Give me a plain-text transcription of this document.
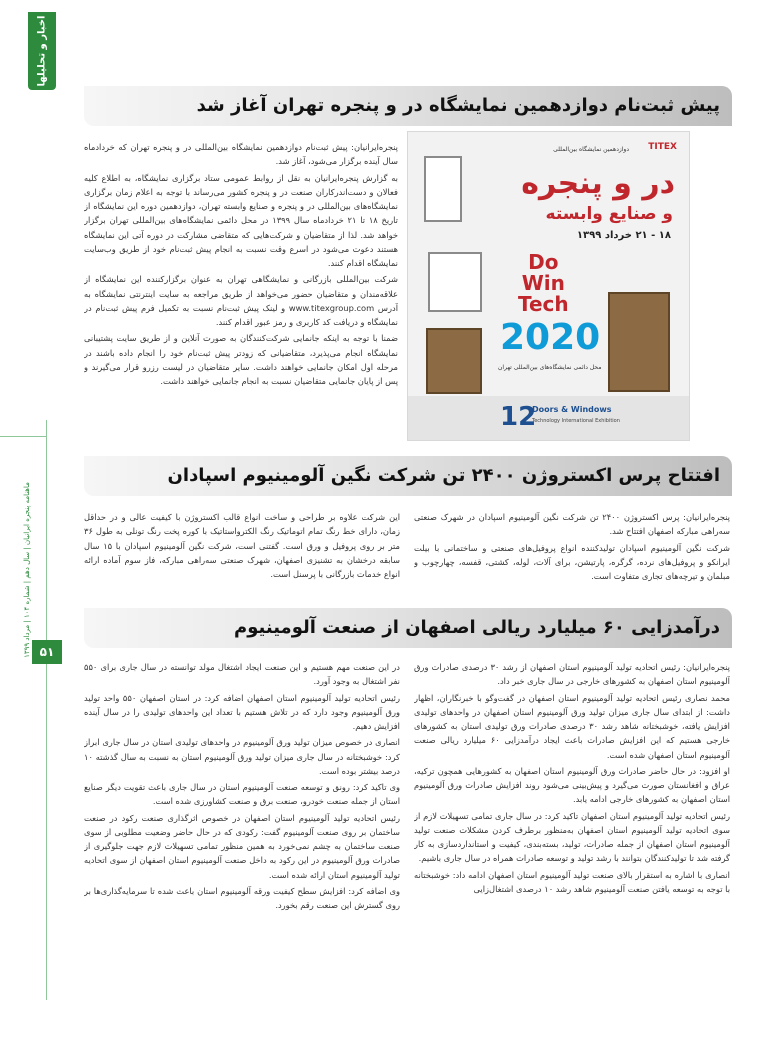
اخبار و تحلیلها
ماهنامه پنجره ایرانیان | سال دهم | شماره ۱۰۴ | مرداد ۱۳۹۹
۵۱
پیش ثبت‌نام دوازدهمین نمایشگاه در و پنجره تهران آغاز شد
TITEX
دوازدهمین نمایشگاه بین‌المللی
در و پنجره
و صنایع وابسته
۱۸ - ۲۱ خرداد ۱۳۹۹
Do
Win
Tech
2020
محل دائمی نمایشگاه‌های بین‌المللی تهران
12
Doors & Windows
Technology International Exhibition

پنجره‌ایرانیان: پیش ثبت‌نام دوازدهمین نمایشگاه بین‌المللی در و پنجره تهران که خردادماه سال آینده برگزار می‌شود، آغاز شد.

به گزارش پنجره‌ایرانیان به نقل از روابط عمومی ستاد برگزاری نمایشگاه، به اطلاع کلیه فعالان و دست‌اندرکاران صنعت در و پنجره کشور می‌رساند با توجه به اعلام زمان برگزاری نمایشگاه‌های بین‌المللی در و پنجره و صنایع وابسته تهران، دوازدهمین دوره این نمایشگاه از تاریخ ۱۸ تا ۲۱ خردادماه سال ۱۳۹۹ در محل دائمی نمایشگاه‌های بین‌المللی تهران برگزار خواهد شد. لذا از متقاضیان و شرکت‌هایی که متقاضی مشارکت در دوره آتی این نمایشگاه هستند دعوت می‌شود در اسرع وقت نسبت به انجام پیش ثبت‌نام خود از طریق وب‌سایت نمایشگاه اقدام کنند.

شرکت بین‌المللی بازرگانی و نمایشگاهی تهران به عنوان برگزارکننده این نمایشگاه از علاقه‌مندان و متقاضیان حضور می‌خواهد از طریق مراجعه به سایت اینترنتی نمایشگاه به آدرس www.titexgroup.com و لینک پیش ثبت‌نام نسبت به تکمیل فرم پیش ثبت‌نام در نمایشگاه و دریافت کد کاربری و رمز عبور اقدام کنند.

ضمنا با توجه به اینکه جانمایی شرکت‌کنندگان به صورت آنلاین و از طریق سایت پشتیبانی نمایشگاه انجام می‌پذیرد، متقاضیانی که زودتر پیش ثبت‌نام خود را انجام داده باشند در مرحله اول امکان جانمایی خواهند داشت. سایر متقاضیان در لیست رزرو قرار می‌گیرند و پس از پایان جانمایی متقاضیان نسبت به انجام جانمایی خواهند داشت.

افتتاح پرس اکستروژن ۲۴۰۰ تن شرکت نگین آلومینیوم اسپادان

پنجره‌ایرانیان: پرس اکستروژن ۲۴۰۰ تن شرکت نگین آلومینیوم اسپادان در شهرک صنعتی سه‌راهی مبارکه اصفهان افتتاح شد.

شرکت نگین آلومینیوم اسپادان تولیدکننده انواع پروفیل‌های صنعتی و ساختمانی با بیلت ایرانکو و پروفیل‌های نرده، گرگره، پارتیشن، برای آلات، لوله، کشتی، قفسه، چهارچوب و مبلمان و تیرچه‌های تجاری متفاوت است.

این شرکت علاوه بر طراحی و ساخت انواع قالب اکستروژن با کیفیت عالی و در حداقل زمان، دارای خط رنگ تمام اتوماتیک رنگ الکترواستاتیک با کوره پخت رنگ تونلی به طول ۳۶ متر بر روی پروفیل و ورق است. گفتنی است، شرکت نگین آلومینیوم اسپادان با ۱۵ سال سابقه درخشان به تشنیزی اصفهان، شهرک صنعتی سه‌راهی مبارکه، فاز سوم آماده ارائه انواع خدمات بازرگانی با پرسنل است.

درآمدزایی ۶۰ میلیارد ریالی اصفهان از صنعت آلومینیوم

پنجره‌ایرانیان: رئیس اتحادیه تولید آلومینیوم استان اصفهان از رشد ۳۰ درصدی صادرات ورق آلومینیوم استان اصفهان به کشورهای خارجی در سال جاری خبر داد.

محمد نصاری رئیس اتحادیه تولید آلومینیوم استان اصفهان در گفت‌وگو با خبرنگاران، اظهار داشت: از ابتدای سال جاری میزان تولید ورق آلومینیوم استان اصفهان در واحدهای تولیدی افزایش یافته، خوشبختانه شاهد رشد ۳۰ درصدی صادرات ورق تولیدی استان به کشورهای خارجی هستیم که این افزایش صادرات باعث ایجاد درآمدزایی ۶۰ میلیارد ریالی صنعت آلومینیوم استان اصفهان شده است.

او افزود: در حال حاضر صادرات ورق آلومینیوم استان اصفهان به کشورهایی همچون ترکیه، عراق و افغانستان صورت می‌گیرد و پیش‌بینی می‌شود روند افزایش صادرات ورق آلومینیوم استان اصفهان به کشورهای خارجی ادامه یابد.

رئیس اتحادیه تولید آلومینیوم استان اصفهان تاکید کرد: در سال جاری تمامی تسهیلات لازم از سوی اتحادیه تولید آلومینیوم استان اصفهان به‌منظور برطرف کردن مشکلات صنعت تولید آلومینیوم استان اصفهان از جمله صادرات، تولید، بسته‌بندی، کیفیت و استانداردسازی به کار گرفته شد تا تولیدکنندگان بتوانند با رشد تولید و توسعه صادرات همراه در سال جاری باشیم.

انصاری با اشاره به استقرار بالای صنعت تولید آلومینیوم استان اصفهان ادامه داد: خوشبختانه با توجه به توسعه یافتن صنعت آلومینیوم شاهد رشد ۱۰ درصدی اشتغال‌زایی

در این صنعت مهم هستیم و این صنعت ایجاد اشتغال مولد توانسته در سال جاری برای ۵۵۰ نفر اشتغال به وجود آورد.

رئیس اتحادیه تولید آلومینیوم استان اصفهان اضافه کرد: در استان اصفهان ۵۵۰ واحد تولید ورق آلومینیوم وجود دارد که در تلاش هستیم با تعداد این واحدهای تولیدی را در سال آینده افزایش دهیم.

انصاری در خصوص میزان تولید ورق آلومینیوم در واحدهای تولیدی استان در سال جاری ابراز کرد: خوشبختانه در سال جاری میزان تولید ورق آلومینیوم استان به نسبت به سال گذشته ۱۰ درصد بیشتر بوده است.

وی تاکید کرد: رونق و توسعه صنعت آلومینیوم استان در سال جاری باعث تقویت دیگر صنایع استان از جمله صنعت خودرو، صنعت برق و صنعت کشاورزی شده است.

رئیس اتحادیه تولید آلومینیوم استان اصفهان در خصوص اثرگذاری صنعت رکود در صنعت ساختمان بر روی صنعت آلومینیوم گفت: رکودی که در حال حاضر وضعیت مطلوبی از سوی صنعت ساختمان به چشم نمی‌خورد به همین منظور تمامی تسهیلات لازم جهت جلوگیری از صادرات ورق آلومینیوم در این رکود به داخل صنعت آلومینیوم استان اصفهان از سوی اتحادیه تولید آلومینیوم استان ارائه شده است.

وی اضافه کرد: افزایش سطح کیفیت ورقه آلومینیوم استان باعث شده تا سرمایه‌گذاری‌ها بر روی گسترش این صنعت رقم بخورد.
